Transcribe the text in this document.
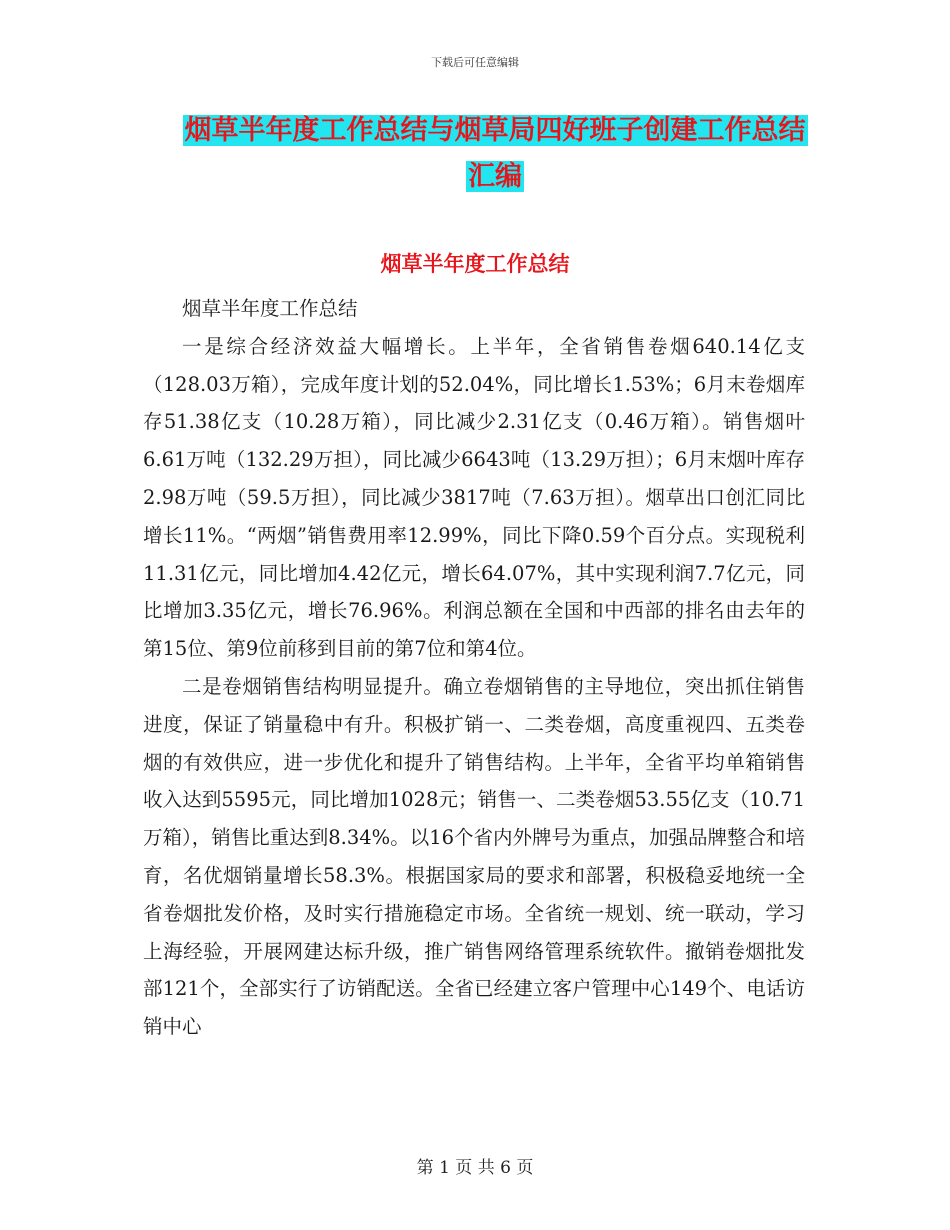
下载后可任意编辑
烟草半年度工作总结与烟草局四好班子创建工作总结
汇编
烟草半年度工作总结

烟草半年度工作总结

一是综合经济效益大幅增长。上半年，全省销售卷烟640.14亿支（128.03万箱），完成年度计划的52.04%，同比增长1.53%；6月末卷烟库存51.38亿支（10.28万箱），同比减少2.31亿支（0.46万箱）。销售烟叶6.61万吨（132.29万担），同比减少6643吨（13.29万担）；6月末烟叶库存2.98万吨（59.5万担），同比减少3817吨（7.63万担）。烟草出口创汇同比增长11%。“两烟”销售费用率12.99%，同比下降0.59个百分点。实现税利11.31亿元，同比增加4.42亿元，增长64.07%，其中实现利润7.7亿元，同比增加3.35亿元，增长76.96%。利润总额在全国和中西部的排名由去年的第15位、第9位前移到目前的第7位和第4位。

二是卷烟销售结构明显提升。确立卷烟销售的主导地位，突出抓住销售进度，保证了销量稳中有升。积极扩销一、二类卷烟，高度重视四、五类卷烟的有效供应，进一步优化和提升了销售结构。上半年，全省平均单箱销售收入达到5595元，同比增加1028元；销售一、二类卷烟53.55亿支（10.71万箱），销售比重达到8.34%。以16个省内外牌号为重点，加强品牌整合和培育，名优烟销量增长58.3%。根据国家局的要求和部署，积极稳妥地统一全省卷烟批发价格，及时实行措施稳定市场。全省统一规划、统一联动，学习上海经验，开展网建达标升级，推广销售网络管理系统软件。撤销卷烟批发部121个，全部实行了访销配送。全省已经建立客户管理中心149个、电话访销中心

第 1 页 共 6 页
